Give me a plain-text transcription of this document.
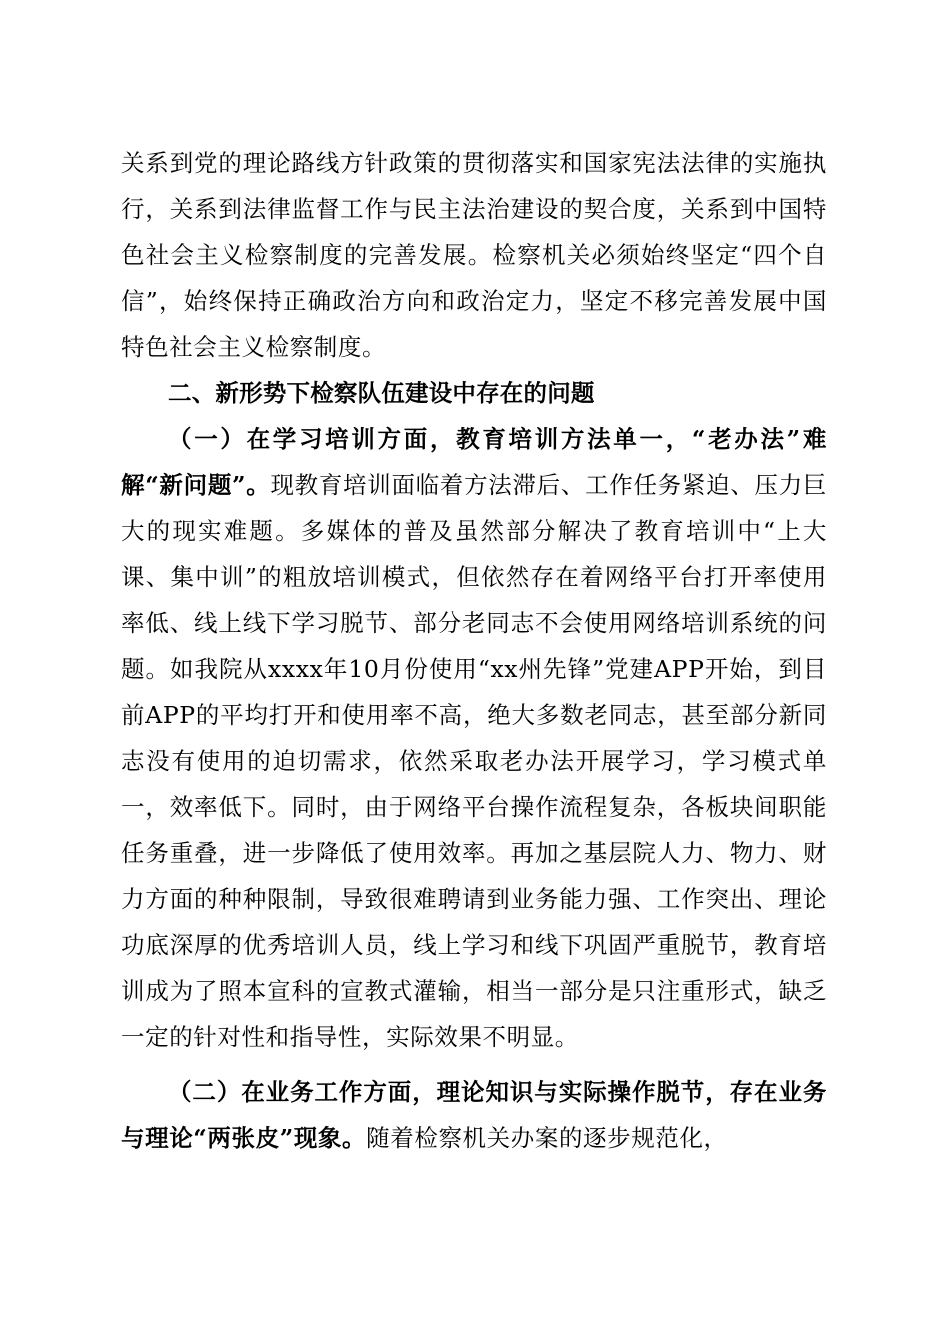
关系到党的理论路线方针政策的贯彻落实和国家宪法法律的实施执行，关系到法律监督工作与民主法治建设的契合度，关系到中国特色社会主义检察制度的完善发展。检察机关必须始终坚定“四个自信”，始终保持正确政治方向和政治定力，坚定不移完善发展中国特色社会主义检察制度。

二、新形势下检察队伍建设中存在的问题

（一）在学习培训方面，教育培训方法单一，“老办法”难解“新问题”。现教育培训面临着方法滞后、工作任务紧迫、压力巨大的现实难题。多媒体的普及虽然部分解决了教育培训中“上大课、集中训”的粗放培训模式，但依然存在着网络平台打开率使用率低、线上线下学习脱节、部分老同志不会使用网络培训系统的问题。如我院从xxxx年10月份使用“xx州先锋”党建APP开始，到目前APP的平均打开和使用率不高，绝大多数老同志，甚至部分新同志没有使用的迫切需求，依然采取老办法开展学习，学习模式单一，效率低下。同时，由于网络平台操作流程复杂，各板块间职能任务重叠，进一步降低了使用效率。再加之基层院人力、物力、财力方面的种种限制，导致很难聘请到业务能力强、工作突出、理论功底深厚的优秀培训人员，线上学习和线下巩固严重脱节，教育培训成为了照本宣科的宣教式灌输，相当一部分是只注重形式，缺乏一定的针对性和指导性，实际效果不明显。

（二）在业务工作方面，理论知识与实际操作脱节，存在业务与理论“两张皮”现象。随着检察机关办案的逐步规范化，
